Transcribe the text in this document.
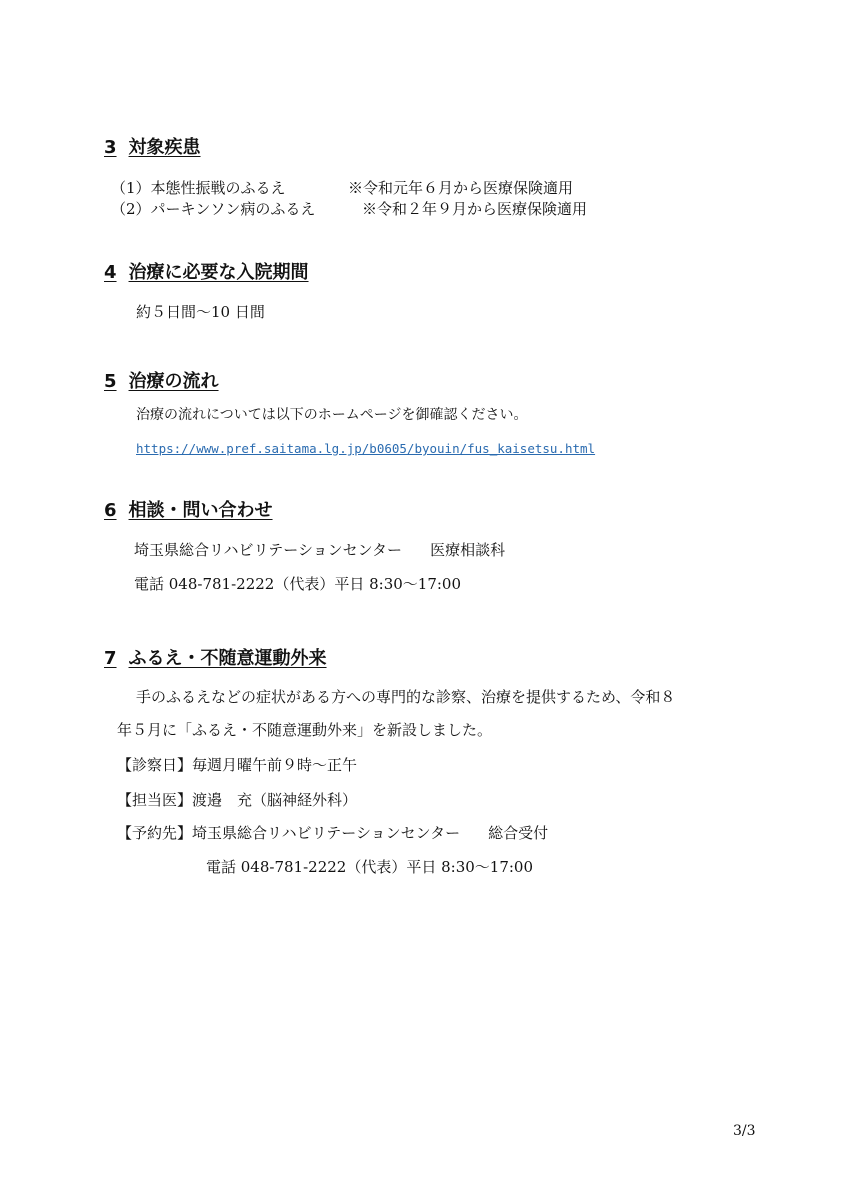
3 対象疾患

（1）本態性振戦のふるえ	※令和元年６月から医療保険適用

（2）パーキンソン病のふるえ	※令和２年９月から医療保険適用

4 治療に必要な入院期間

約５日間〜10 日間

5 治療の流れ

治療の流れについては以下のホームページを御確認ください。

https://www.pref.saitama.lg.jp/b0605/byouin/fus_kaisetsu.html

6 相談・問い合わせ

埼玉県総合リハビリテーションセンター 医療相談科

電話 048-781-2222（代表）平日 8:30〜17:00

7 ふるえ・不随意運動外来

手のふるえなどの症状がある方への専門的な診察、治療を提供するため、令和８

年５月に「ふるえ・不随意運動外来」を新設しました。

【診察日】毎週月曜午前９時〜正午

【担当医】渡邉　充（脳神経外科）

【予約先】埼玉県総合リハビリテーションセンター 総合受付

電話 048-781-2222（代表）平日 8:30〜17:00

3/3
